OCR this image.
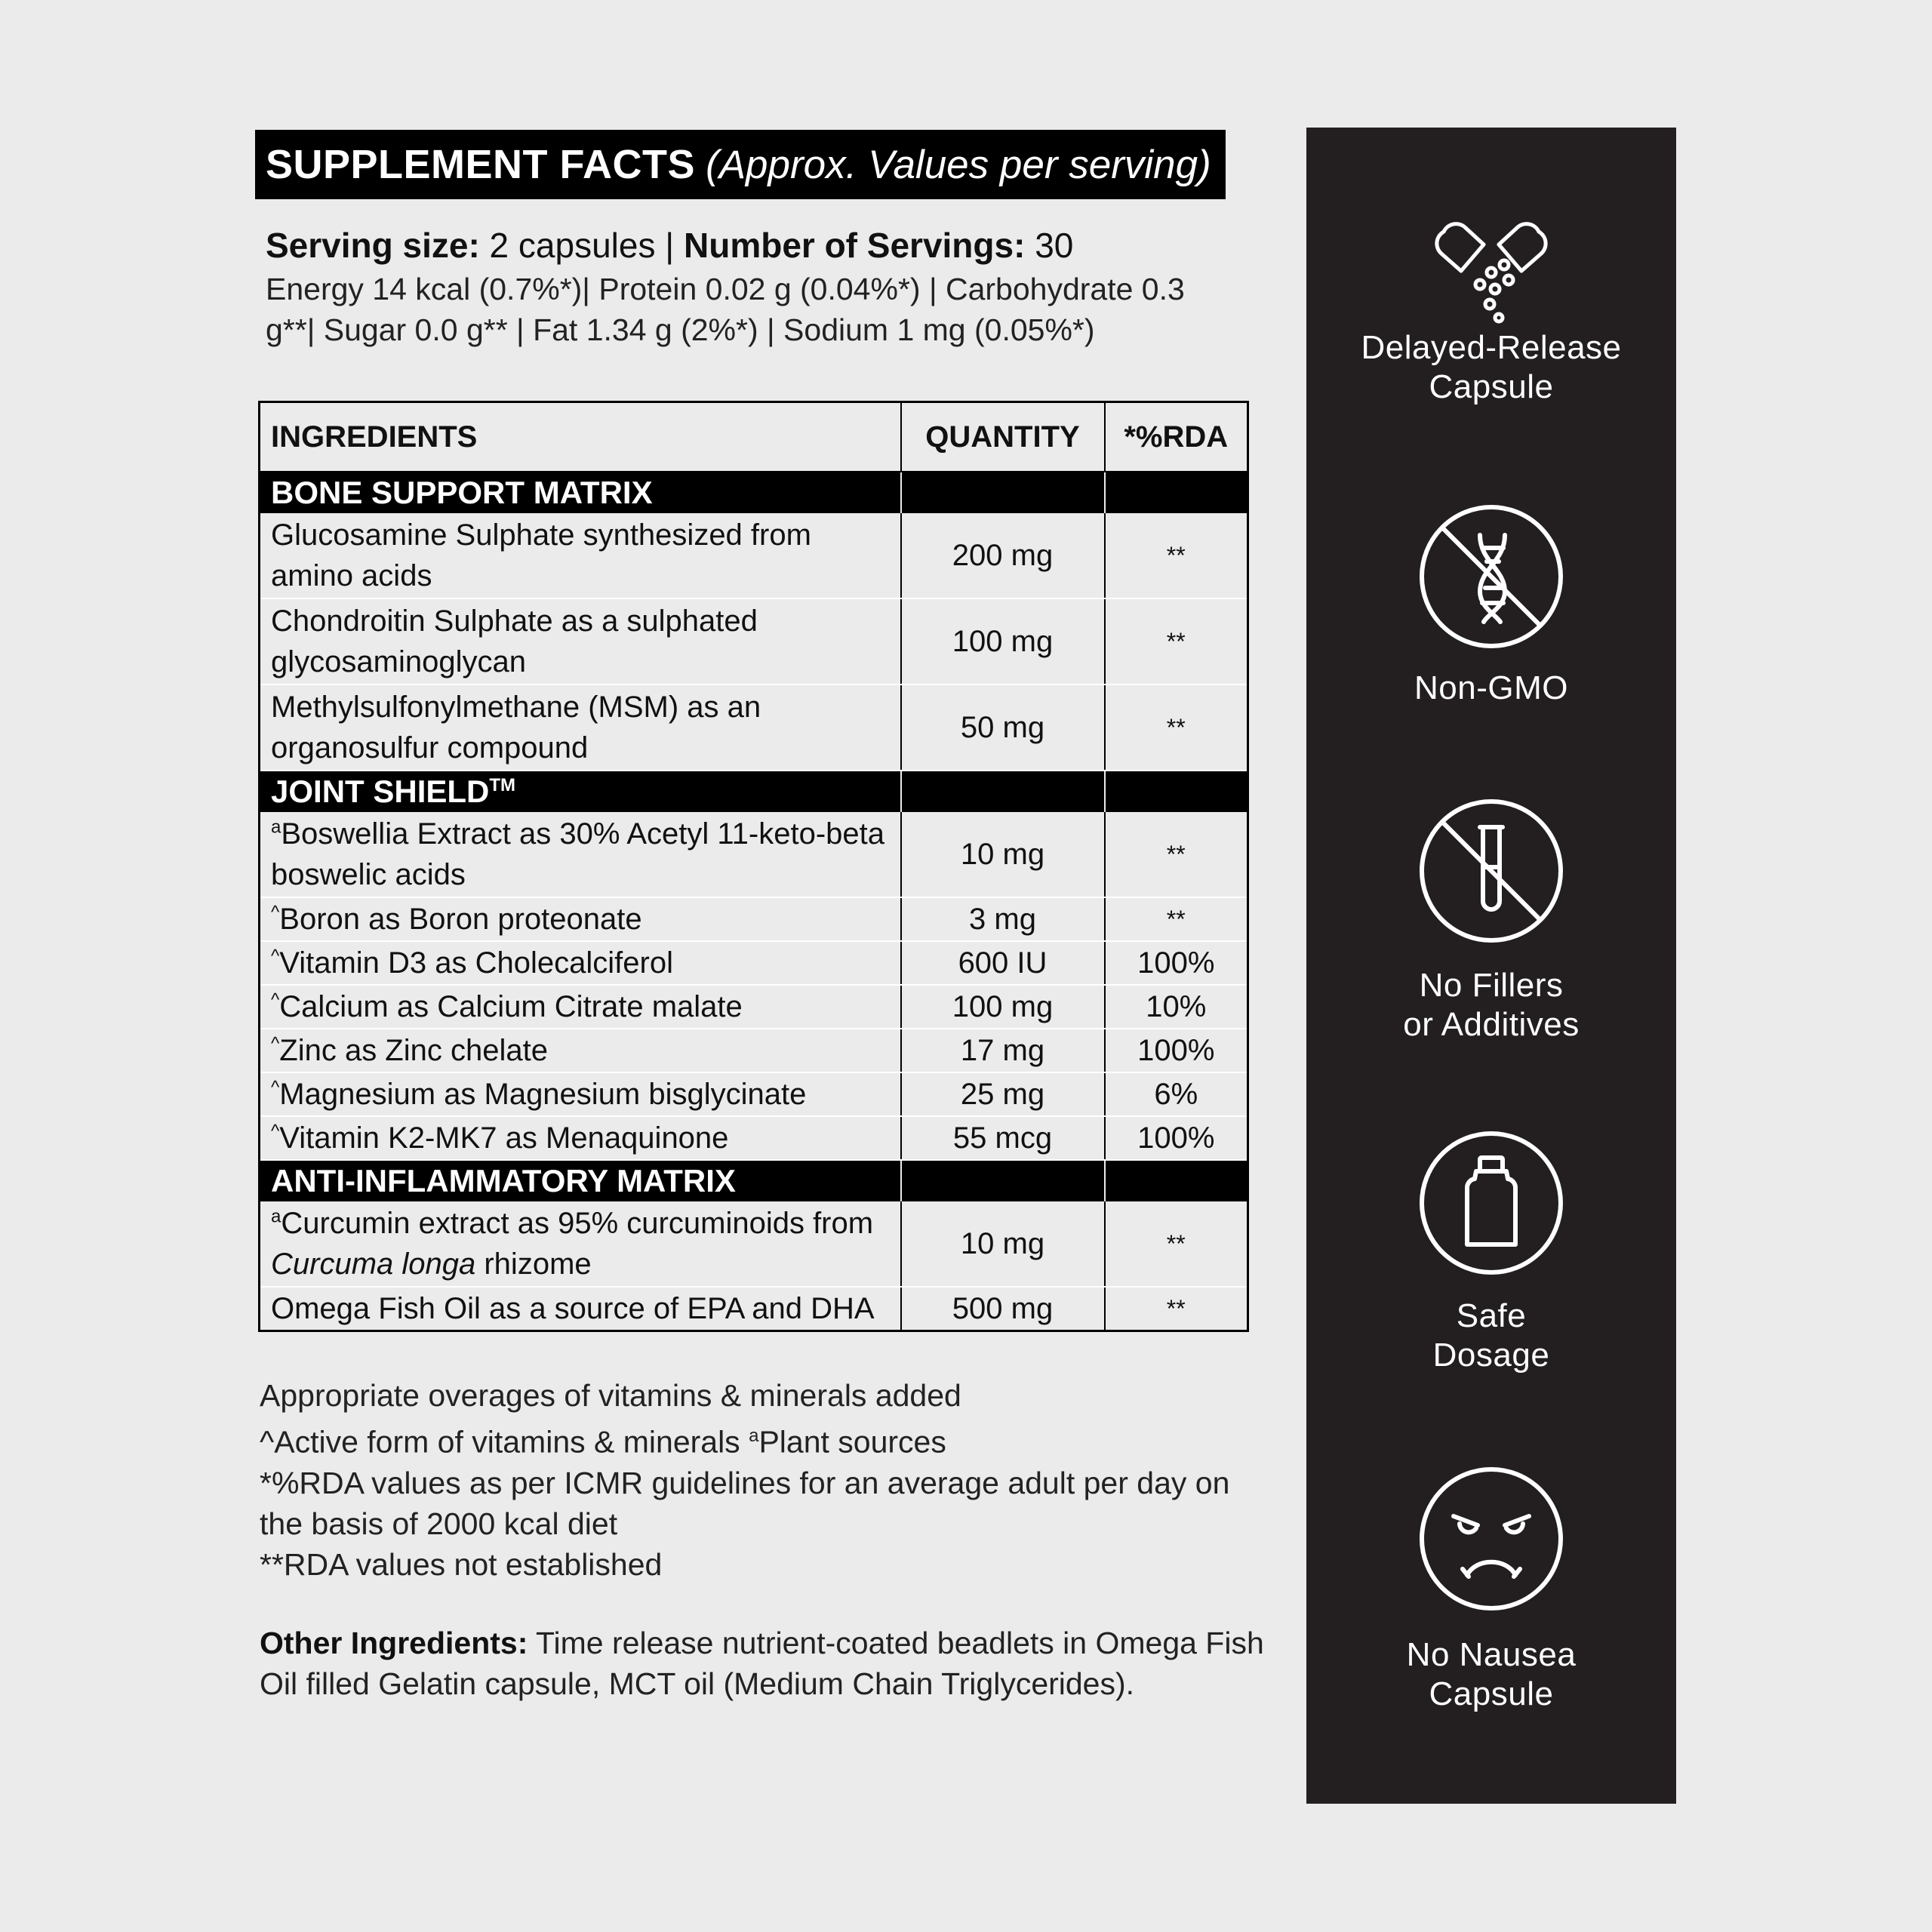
SUPPLEMENT FACTS (Approx. Values per serving)
Serving size: 2 capsules | Number of Servings: 30
Energy 14 kcal (0.7%*)| Protein 0.02 g (0.04%*) | Carbohydrate 0.3 g**| Sugar 0.0 g** | Fat 1.34 g (2%*) | Sodium 1 mg (0.05%*)
INGREDIENTS	QUANTITY	*%RDA
BONE SUPPORT MATRIX		
Glucosamine Sulphate synthesized from amino acids	200 mg	**
Chondroitin Sulphate as a sulphated glycosaminoglycan	100 mg	**
Methylsulfonylmethane (MSM) as an organosulfur compound	50 mg	**
JOINT SHIELD™		
$^a$Boswellia Extract as 30% Acetyl 11-keto-beta boswelic acids	10 mg	**
^Boron as Boron proteonate	3 mg	**
^Vitamin D3 as Cholecalciferol	600 IU	100%
^Calcium as Calcium Citrate malate	100 mg	10%
^Zinc as Zinc chelate	17 mg	100%
^Magnesium as Magnesium bisglycinate	25 mg	6%
^Vitamin K2-MK7 as Menaquinone	55 mcg	100%
ANTI-INFLAMMATORY MATRIX		
$^a$Curcumin extract as 95% curcuminoids from Curcuma longa rhizome	10 mg	**
Omega Fish Oil as a source of EPA and DHA	500 mg	**

Appropriate overages of vitamins & minerals added

^Active form of vitamins & minerals $^a$Plant sources

*%RDA values as per ICMR guidelines for an average adult per day on the basis of 2000 kcal diet

**RDA values not established

Other Ingredients: Time release nutrient-coated beadlets in Omega Fish Oil filled Gelatin capsule, MCT oil (Medium Chain Triglycerides).
Delayed-Release
Capsule
Non-GMO
No Fillers
or Additives
Safe
Dosage
No Nausea
Capsule
